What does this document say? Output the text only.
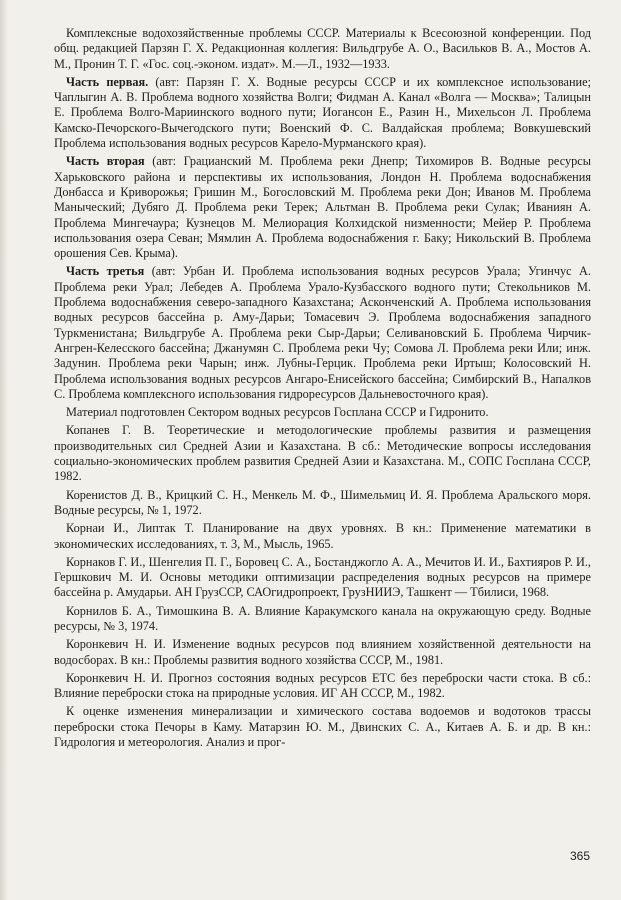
Комплексные водохозяйственные проблемы СССР. Материалы к Всесоюзной конференции. Под общ. редакцией Парзян Г. Х. Редакционная коллегия: Вильдгрубе А. О., Васильков В. А., Мостов А. М., Пронин Т. Г. «Гос. соц.-эконом. издат». М.—Л., 1932—1933.

Часть первая. (авт: Парзян Г. Х. Водные ресурсы СССР и их комплексное использование; Чаплыгин А. В. Проблема водного хозяйства Волги; Фидман А. Канал «Волга — Москва»; Талицын Е. Проблема Волго-Мариинского водного пути; Иогансон Е., Разин Н., Михельсон Л. Проблема Камско-Печорского-Вычегодского пути; Военский Ф. С. Валдайская проблема; Вовкушевский Проблема использования водных ресурсов Карело-Мурманского края).

Часть вторая (авт: Грацианский М. Проблема реки Днепр; Тихомиров В. Водные ресурсы Харьковского района и перспективы их использования, Лондон Н. Проблема водоснабжения Донбасса и Криворожья; Гришин М., Богословский М. Проблема реки Дон; Иванов М. Проблема Маныческий; Дубяго Д. Проблема реки Терек; Альтман В. Проблема реки Сулак; Иваниян А. Проблема Мингечаура; Кузнецов М. Мелиорация Колхидской низменности; Мейер Р. Проблема использования озера Севан; Мямлин А. Проблема водоснабжения г. Баку; Никольский В. Проблема орошения Сев. Крыма).

Часть третья (авт: Урбан И. Проблема использования водных ресурсов Урала; Угинчус А. Проблема реки Урал; Лебедев А. Проблема Урало-Кузбасского водного пути; Стекольников М. Проблема водоснабжения северо-западного Казахстана; Асконченский А. Проблема использования водных ресурсов бассейна р. Аму-Дарьи; Томасевич Э. Проблема водоснабжения западного Туркменистана; Вильдгрубе А. Проблема реки Сыр-Дарьи; Селивановский Б. Проблема Чирчик-Ангрен-Келесского бассейна; Джанумян С. Проблема реки Чу; Сомова Л. Проблема реки Или; инж. Задунин. Проблема реки Чарын; инж. Лубны-Герцик. Проблема реки Иртыш; Колосовский Н. Проблема использования водных ресурсов Ангаро-Енисейского бассейна; Симбирский В., Напалков С. Проблема комплексного использования гидроресурсов Дальневосточного края).

Материал подготовлен Сектором водных ресурсов Госплана СССР и Гидронито.

Копанев Г. В. Теоретические и методологические проблемы развития и размещения производительных сил Средней Азии и Казахстана. В сб.: Методические вопросы исследования социально-экономических проблем развития Средней Азии и Казахстана. М., СОПС Госплана СССР, 1982.

Коренистов Д. В., Крицкий С. Н., Менкель М. Ф., Шимельмиц И. Я. Проблема Аральского моря. Водные ресурсы, № 1, 1972.

Корнаи И., Липтак Т. Планирование на двух уровнях. В кн.: Применение математики в экономических исследованиях, т. 3, М., Мысль, 1965.

Корнаков Г. И., Шенгелия П. Г., Боровец С. А., Бостанджогло А. А., Мечитов И. И., Бахтияров Р. И., Гершкович М. И. Основы методики оптимизации распределения водных ресурсов на примере бассейна р. Амударьи. АН ГрузССР, САОгидропроект, ГрузНИИЭ, Ташкент — Тбилиси, 1968.

Корнилов Б. А., Тимошкина В. А. Влияние Каракумского канала на окружающую среду. Водные ресурсы, № 3, 1974.

Коронкевич Н. И. Изменение водных ресурсов под влиянием хозяйственной деятельности на водосборах. В кн.: Проблемы развития водного хозяйства СССР, М., 1981.

Коронкевич Н. И. Прогноз состояния водных ресурсов ЕТС без переброски части стока. В сб.: Влияние переброски стока на природные условия. ИГ АН СССР, М., 1982.

К оценке изменения минерализации и химического состава водоемов и водотоков трассы переброски стока Печоры в Каму. Матарзин Ю. М., Двинских С. А., Китаев А. Б. и др. В кн.: Гидрология и метеорология. Анализ и прог-

365
